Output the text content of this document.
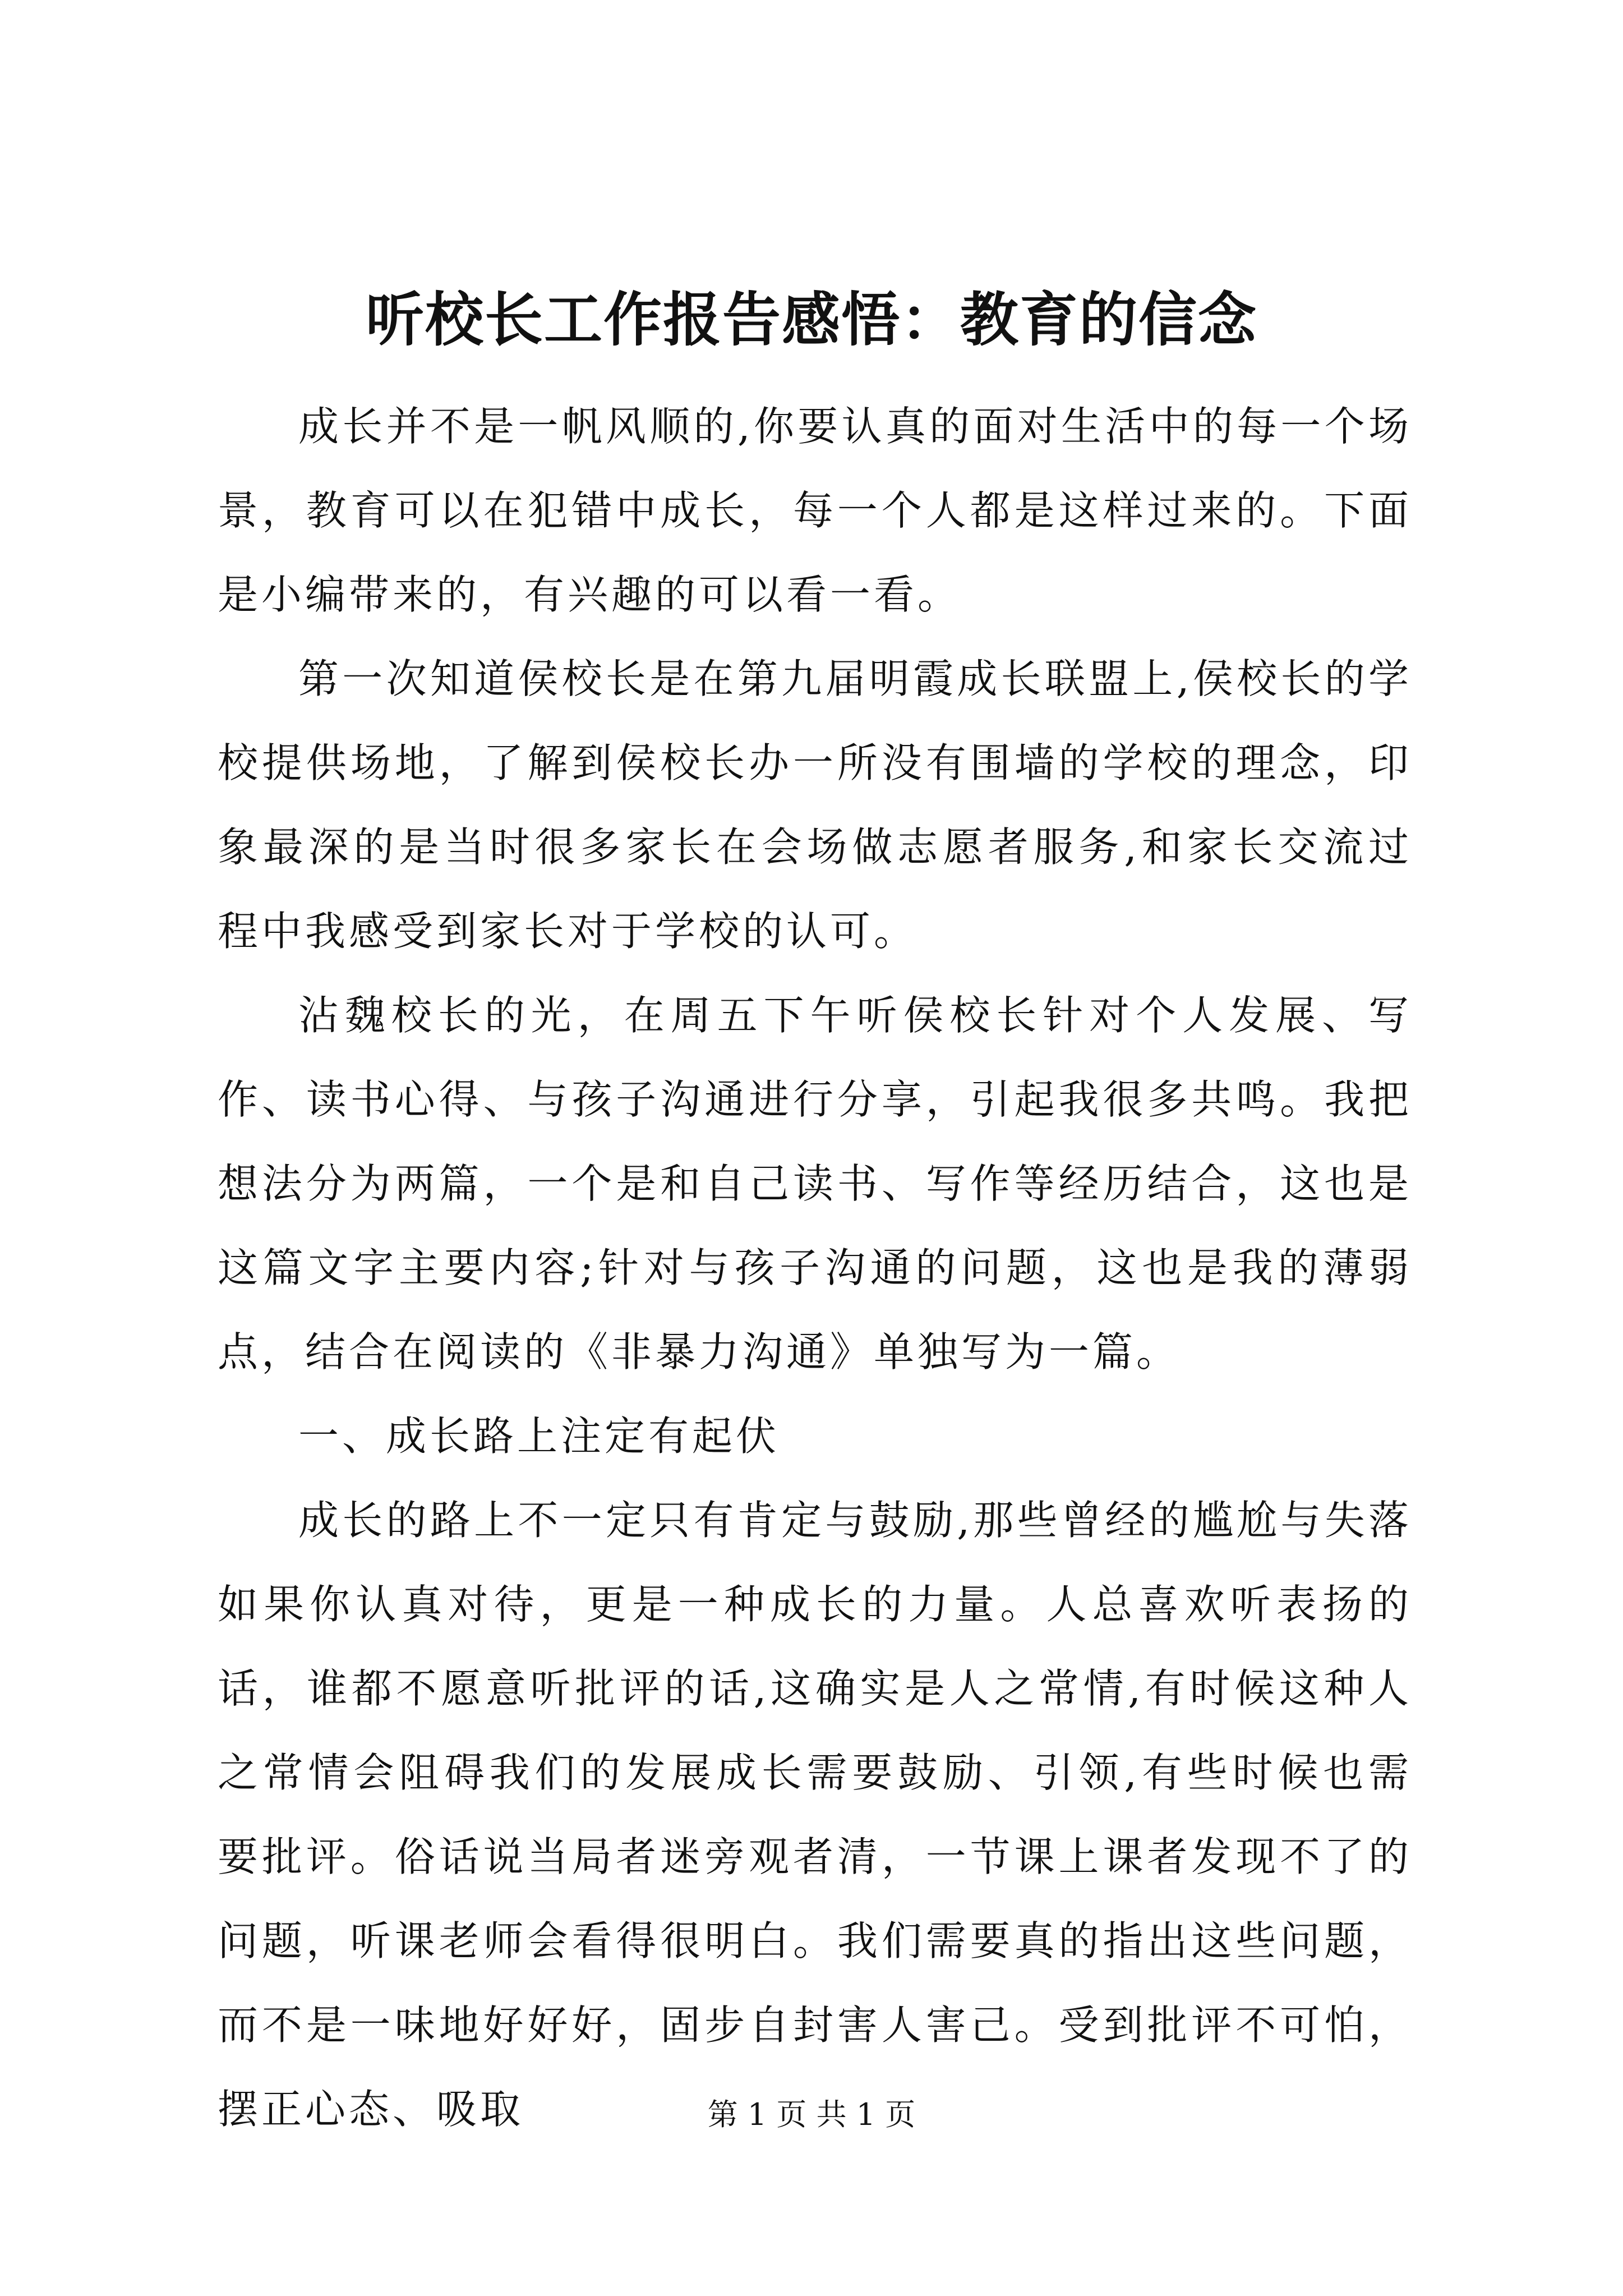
听校长工作报告感悟：教育的信念

成长并不是一帆风顺的,你要认真的面对生活中的每一个场景，教育可以在犯错中成长，每一个人都是这样过来的。下面是小编带来的，有兴趣的可以看一看。

第一次知道侯校长是在第九届明霞成长联盟上,侯校长的学校提供场地，了解到侯校长办一所没有围墙的学校的理念，印象最深的是当时很多家长在会场做志愿者服务,和家长交流过程中我感受到家长对于学校的认可。

沾魏校长的光，在周五下午听侯校长针对个人发展、写作、读书心得、与孩子沟通进行分享，引起我很多共鸣。我把想法分为两篇，一个是和自己读书、写作等经历结合，这也是这篇文字主要内容;针对与孩子沟通的问题，这也是我的薄弱点，结合在阅读的《非暴力沟通》单独写为一篇。

一、成长路上注定有起伏

成长的路上不一定只有肯定与鼓励,那些曾经的尴尬与失落如果你认真对待，更是一种成长的力量。人总喜欢听表扬的话，谁都不愿意听批评的话,这确实是人之常情,有时候这种人之常情会阻碍我们的发展成长需要鼓励、引领,有些时候也需要批评。俗话说当局者迷旁观者清，一节课上课者发现不了的问题，听课老师会看得很明白。我们需要真的指出这些问题，而不是一味地好好好，固步自封害人害己。受到批评不可怕，摆正心态、吸取	第 1 页 共 1 页
